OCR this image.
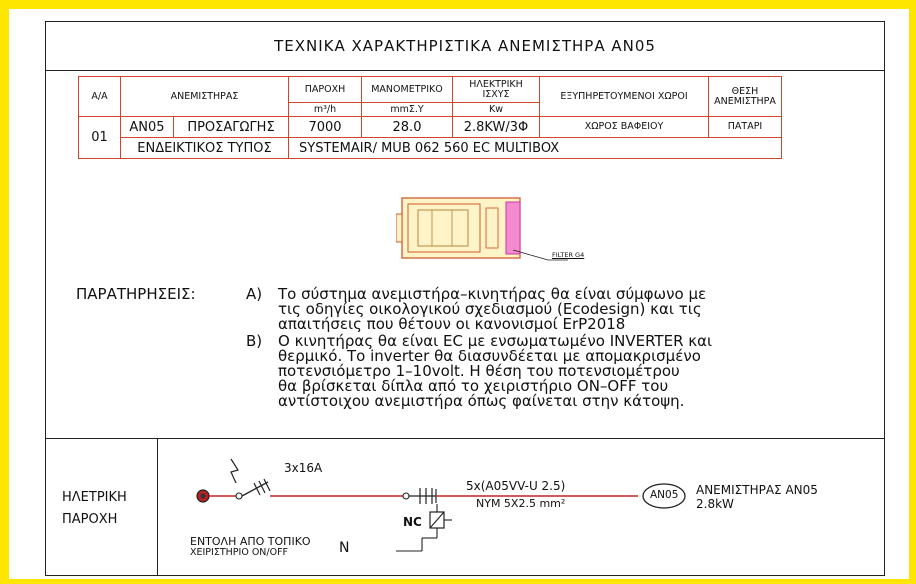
ΤΕΧΝΙΚΑ ΧΑΡΑΚΤΗΡΙΣΤΙΚΑ ΑΝΕΜΙΣΤΗΡΑ ΑΝ05
Α/Α	ΑΝΕΜΙΣΤΗΡΑΣ		ΠΑΡΟΧΗ	ΜΑΝΟΜΕΤΡΙΚΟ	ΗΛΕΚΤΡΙΚΗ ΙΣΧΥΣ	ΕΞΥΠΗΡΕΤΟΥΜΕΝΟΙ ΧΩΡΟΙ	ΘΕΣΗ ΑΝΕΜΙΣΤΗΡΑ
			m³/h	mmΣ.Υ	Kw		
01	ΑΝ05	ΠΡΟΣΑΓΩΓΗΣ	7000	28.0	2.8KW/3Φ	ΧΩΡΟΣ ΒΑΦΕΙΟΥ	ΠΑΤΑΡΙ
	ΕΝΔΕΙΚΤΙΚΟΣ ΤΥΠΟΣ		SYSTEMAIR/ MUB 062 560 EC MULTIBOX				
FILTER G4
ΠΑΡΑΤΗΡΗΣΕΙΣ:	Α) Το σύστημα ανεμιστήρα–κινητήρας θα είναι σύμφωνο με
τις οδηγίες οικολογικού σχεδιασμού (Ecodesign) και τις
απαιτήσεις που θέτουν οι κανονισμοί ErP2018
Β) Ο κινητήρας θα είναι EC με ενσωματωμένο INVERTER και
θερμικό. Το inverter θα διασυνδέεται με απομακρισμένο
ποτενσιόμετρο 1–10volt. Η θέση του ποτενσιομέτρου
θα βρίσκεται δίπλα από το χειριστήριο ON–OFF του
αντίστοιχου ανεμιστήρα όπως φαίνεται στην κάτοψη.
ΗΛΕΤΡΙΚΗ
ΠΑΡΟΧΗ
3x16A
5x(A05VV-U 2.5)
NYM 5X2.5 mm²
NC
AN05 ΑΝΕΜΙΣΤΗΡΑΣ ΑΝ05
2.8kW
ΕΝΤΟΛΗ ΑΠΟ ΤΟΠΙΚΟ
ΧΕΙΡΙΣΤΗΡΙΟ ON/OFF	N
